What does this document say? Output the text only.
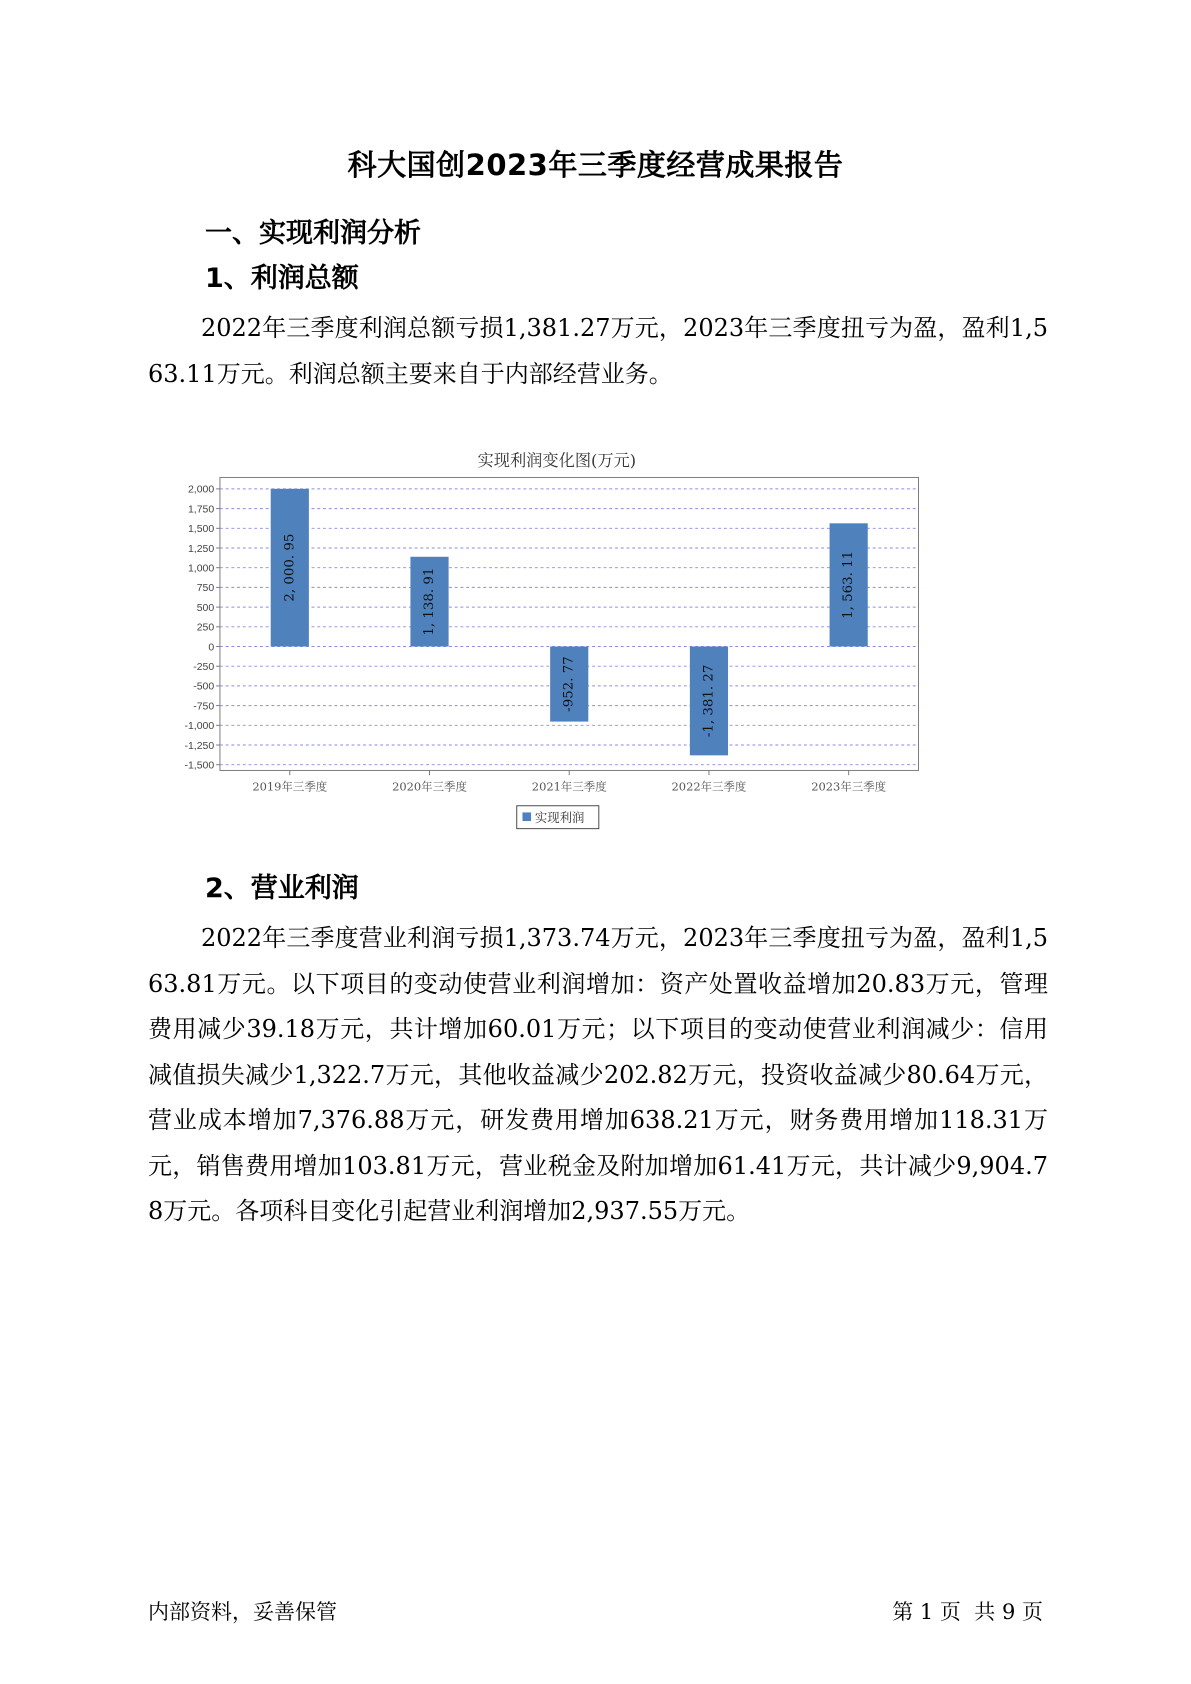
科大国创2023年三季度经营成果报告
一、实现利润分析
1、利润总额
2022年三季度利润总额亏损1,381.27万元，2023年三季度扭亏为盈，盈利1,563.11万元。利润总额主要来自于内部经营业务。
实现利润变化图(万元)
2,000
1,750
1,500
1,250
1,000
750
500
250
0
-250
-500
-750
-1,000
-1,250
-1,500
2, 000. 95	1, 138. 91
-952. 77	-1, 381. 27
1, 563. 11
2019年三季度	2020年三季度	2021年三季度	2022年三季度	2023年三季度
实现利润
2、营业利润
2022年三季度营业利润亏损1,373.74万元，2023年三季度扭亏为盈，盈利1,563.81万元。以下项目的变动使营业利润增加：资产处置收益增加20.83万元，管理费用减少39.18万元，共计增加60.01万元；以下项目的变动使营业利润减少：信用减值损失减少1,322.7万元，其他收益减少202.82万元，投资收益减少80.64万元，营业成本增加7,376.88万元，研发费用增加638.21万元，财务费用增加118.31万元，销售费用增加103.81万元，营业税金及附加增加61.41万元，共计减少9,904.78万元。各项科目变化引起营业利润增加2,937.55万元。
内部资料，妥善保管	第 1 页  共 9 页
